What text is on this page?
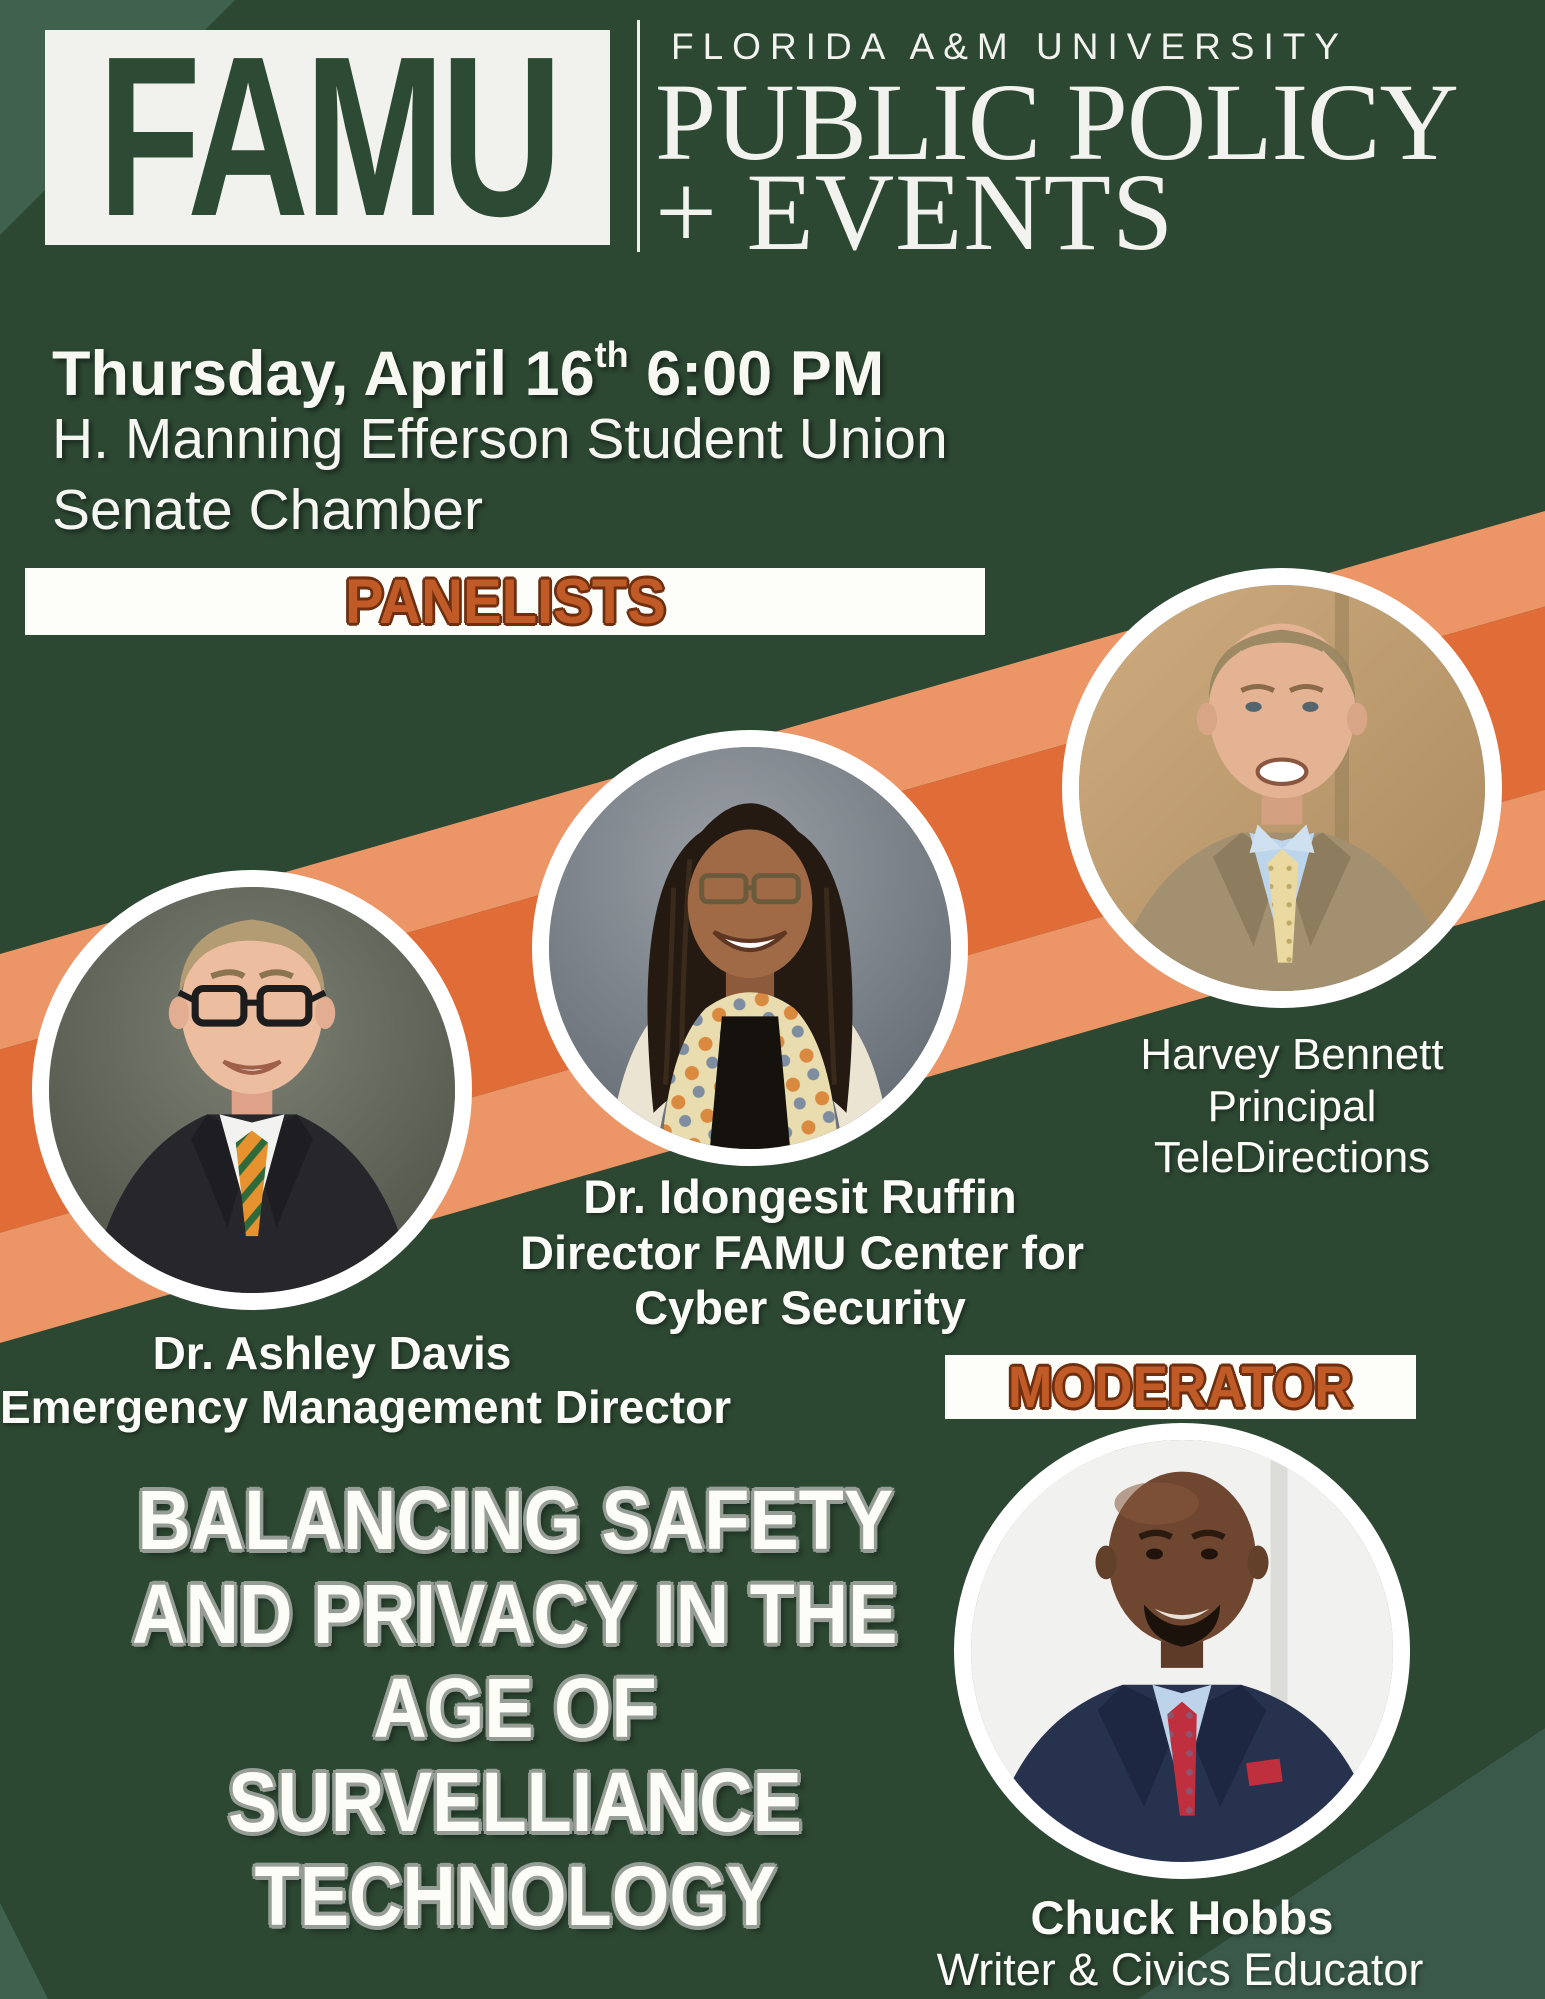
FAMU	FLORIDA A&M UNIVERSITY
PUBLIC POLICY
+ EVENTS
Thursday, April 16th 6:00 PM
H. Manning Efferson Student Union
Senate Chamber
PANELISTS
Dr. Ashley Davis
Emergency Management Director
Dr. Idongesit Ruffin
Director FAMU Center for
Cyber Security
Harvey Bennett
Principal
TeleDirections
MODERATOR
Chuck Hobbs
Writer & Civics Educator
BALANCING SAFETY
AND PRIVACY IN THE
AGE OF
SURVELLIANCE
TECHNOLOGY
